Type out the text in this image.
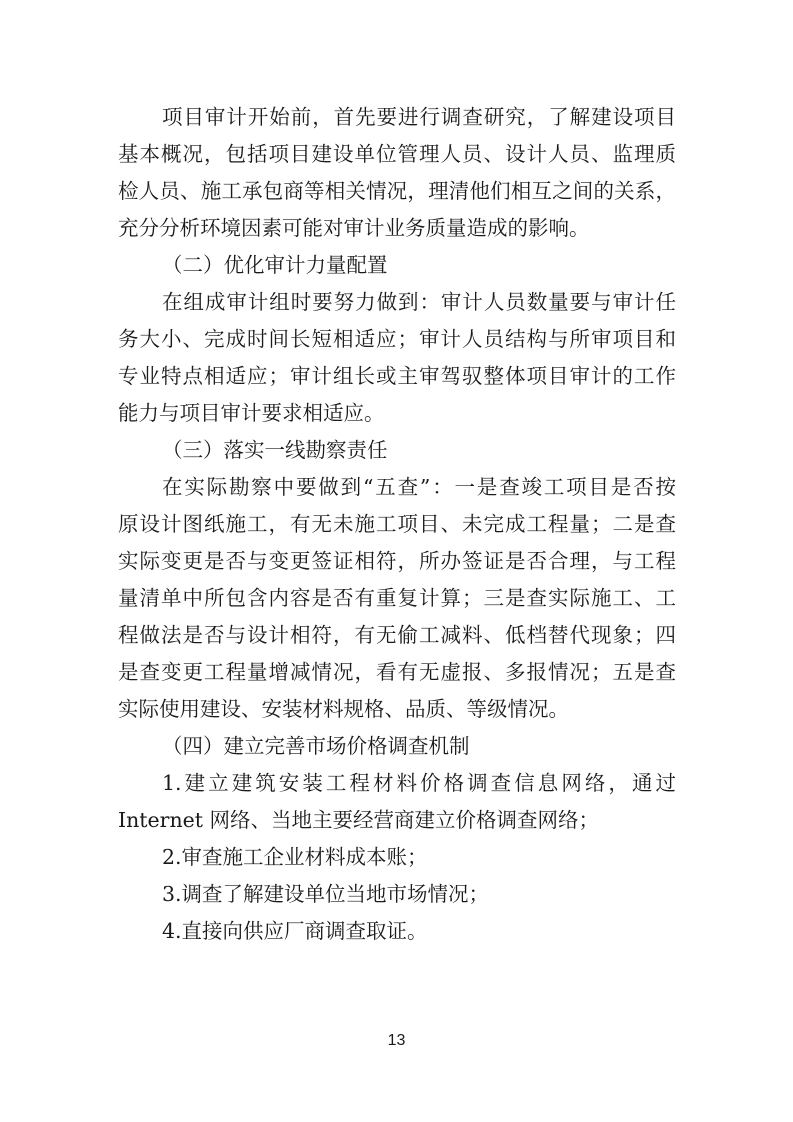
项目审计开始前，首先要进行调查研究，了解建设项目
基本概况，包括项目建设单位管理人员、设计人员、监理质
检人员、施工承包商等相关情况，理清他们相互之间的关系，
充分分析环境因素可能对审计业务质量造成的影响。
（二）优化审计力量配置
在组成审计组时要努力做到：审计人员数量要与审计任
务大小、完成时间长短相适应；审计人员结构与所审项目和
专业特点相适应；审计组长或主审驾驭整体项目审计的工作
能力与项目审计要求相适应。
（三）落实一线勘察责任
在实际勘察中要做到“五查”：一是查竣工项目是否按
原设计图纸施工，有无未施工项目、未完成工程量；二是查
实际变更是否与变更签证相符，所办签证是否合理，与工程
量清单中所包含内容是否有重复计算；三是查实际施工、工
程做法是否与设计相符，有无偷工减料、低档替代现象；四
是查变更工程量增减情况，看有无虚报、多报情况；五是查
实际使用建设、安装材料规格、品质、等级情况。
（四）建立完善市场价格调查机制
1.建立建筑安装工程材料价格调查信息网络，通过
Internet 网络、当地主要经营商建立价格调查网络；
2.审查施工企业材料成本账；
3.调查了解建设单位当地市场情况；
4.直接向供应厂商调查取证。
13
